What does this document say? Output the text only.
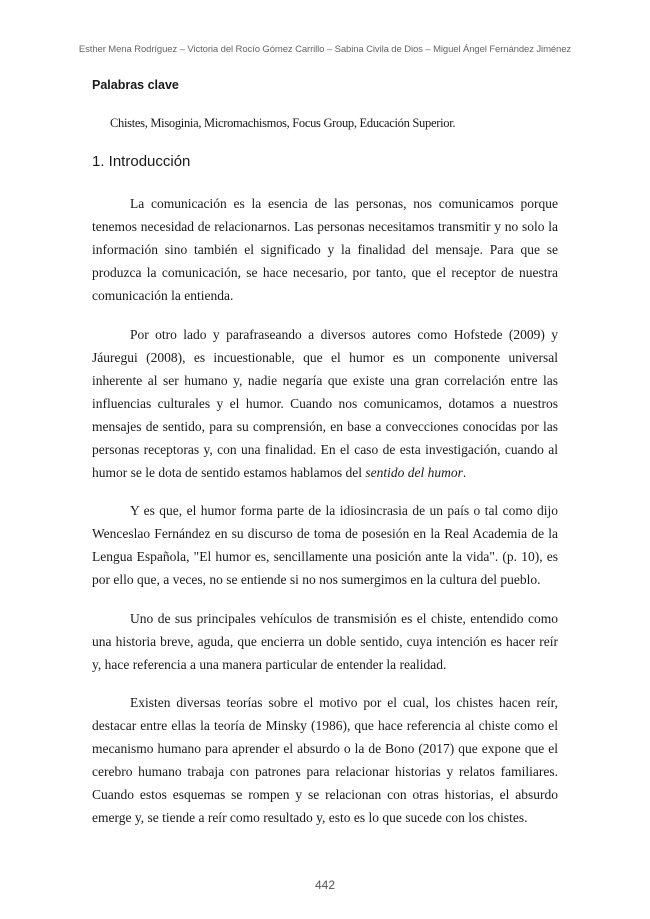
Esther Mena Rodríguez – Victoria del Rocío Gómez Carrillo – Sabina Civila de Dios – Miguel Ángel Fernández Jiménez
Palabras clave
Chistes, Misoginia, Micromachismos, Focus Group, Educación Superior.
1. Introducción

La comunicación es la esencia de las personas, nos comunicamos porque tenemos necesidad de relacionarnos. Las personas necesitamos transmitir y no solo la información sino también el significado y la finalidad del mensaje. Para que se produzca la comunicación, se hace necesario, por tanto, que el receptor de nuestra comunicación la entienda.

Por otro lado y parafraseando a diversos autores como Hofstede (2009) y Jáuregui (2008), es incuestionable, que el humor es un componente universal inherente al ser humano y, nadie negaría que existe una gran correlación entre las influencias culturales y el humor. Cuando nos comunicamos, dotamos a nuestros mensajes de sentido, para su comprensión, en base a convecciones conocidas por las personas receptoras y, con una finalidad. En el caso de esta investigación, cuando al humor se le dota de sentido estamos hablamos del sentido del humor.

Y es que, el humor forma parte de la idiosincrasia de un país o tal como dijo Wenceslao Fernández en su discurso de toma de posesión en la Real Academia de la Lengua Española, "El humor es, sencillamente una posición ante la vida". (p. 10), es por ello que, a veces, no se entiende si no nos sumergimos en la cultura del pueblo.

Uno de sus principales vehículos de transmisión es el chiste, entendido como una historia breve, aguda, que encierra un doble sentido, cuya intención es hacer reír y, hace referencia a una manera particular de entender la realidad.

Existen diversas teorías sobre el motivo por el cual, los chistes hacen reír, destacar entre ellas la teoría de Minsky (1986), que hace referencia al chiste como el mecanismo humano para aprender el absurdo o la de Bono (2017) que expone que el cerebro humano trabaja con patrones para relacionar historias y relatos familiares. Cuando estos esquemas se rompen y se relacionan con otras historias, el absurdo emerge y, se tiende a reír como resultado y, esto es lo que sucede con los chistes.

442
